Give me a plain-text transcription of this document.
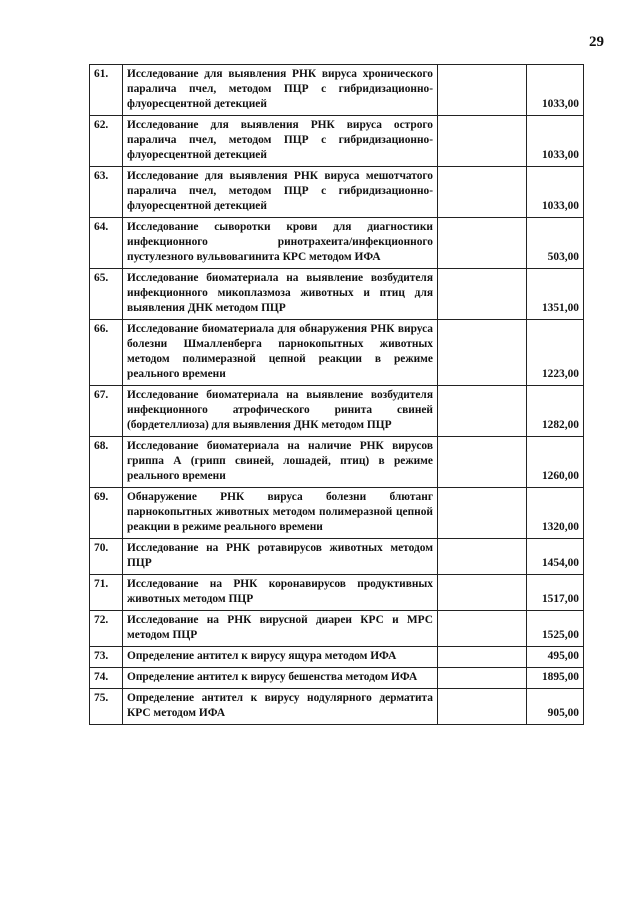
29
61.	Исследование для выявления РНК вируса хронического паралича пчел, методом ПЦР с гибридизационно-флуоресцентной детекцией		1033,00
62.	Исследование для выявления РНК вируса острого паралича пчел, методом ПЦР с гибридизационно-флуоресцентной детекцией		1033,00
63.	Исследование для выявления РНК вируса мешотчатого паралича пчел, методом ПЦР с гибридизационно-флуоресцентной детекцией		1033,00
64.	Исследование сыворотки крови для диагностики инфекционного ринотрахеита/инфекционного пустулезного вульвовагинита КРС методом ИФА		503,00
65.	Исследование биоматериала на выявление возбудителя инфекционного микоплазмоза животных и птиц для выявления ДНК методом ПЦР		1351,00
66.	Исследование биоматериала для обнаружения РНК вируса болезни Шмалленберга парнокопытных животных методом полимеразной цепной реакции в режиме реального времени		1223,00
67.	Исследование биоматериала на выявление возбудителя инфекционного атрофического ринита свиней (бордетеллиоза) для выявления ДНК методом ПЦР		1282,00
68.	Исследование биоматериала на наличие РНК вирусов гриппа А (грипп свиней, лошадей, птиц) в режиме реального времени		1260,00
69.	Обнаружение РНК вируса болезни блютанг парнокопытных животных методом полимеразной цепной реакции в режиме реального времени		1320,00
70.	Исследование на РНК ротавирусов животных методом ПЦР		1454,00
71.	Исследование на РНК коронавирусов продуктивных животных методом ПЦР		1517,00
72.	Исследование на РНК вирусной диареи КРС и МРС методом ПЦР		1525,00
73.	Определение антител к вирусу ящура методом ИФА		495,00
74.	Определение антител к вирусу бешенства методом ИФА		1895,00
75.	Определение антител к вирусу нодулярного дерматита КРС методом ИФА		905,00
